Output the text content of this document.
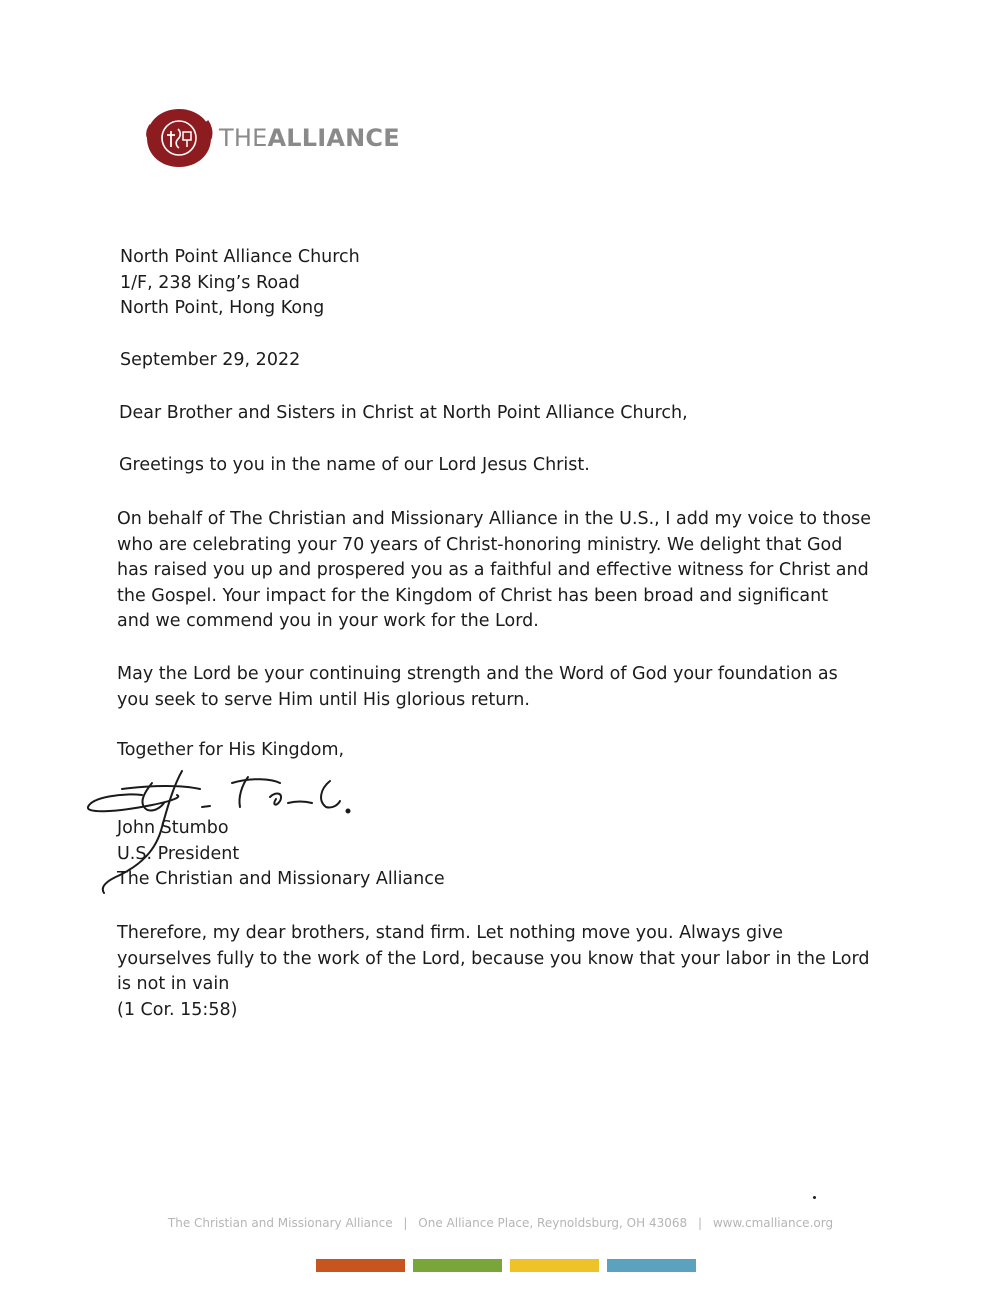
THEALLIANCE
North Point Alliance Church
1/F, 238 King’s Road
North Point, Hong Kong
September 29, 2022
Dear Brother and Sisters in Christ at North Point Alliance Church,
Greetings to you in the name of our Lord Jesus Christ.
On behalf of The Christian and Missionary Alliance in the U.S., I add my voice to those
who are celebrating your 70 years of Christ-honoring ministry. We delight that God
has raised you up and prospered you as a faithful and effective witness for Christ and
the Gospel. Your impact for the Kingdom of Christ has been broad and significant
and we commend you in your work for the Lord.
May the Lord be your continuing strength and the Word of God your foundation as
you seek to serve Him until His glorious return.
Together for His Kingdom,
John Stumbo
U.S. President
The Christian and Missionary Alliance
Therefore, my dear brothers, stand firm. Let nothing move you. Always give
yourselves fully to the work of the Lord, because you know that your labor in the Lord
is not in vain
(1 Cor. 15:58)
The Christian and Missionary Alliance | One Alliance Place, Reynoldsburg, OH 43068 | www.cmalliance.org
